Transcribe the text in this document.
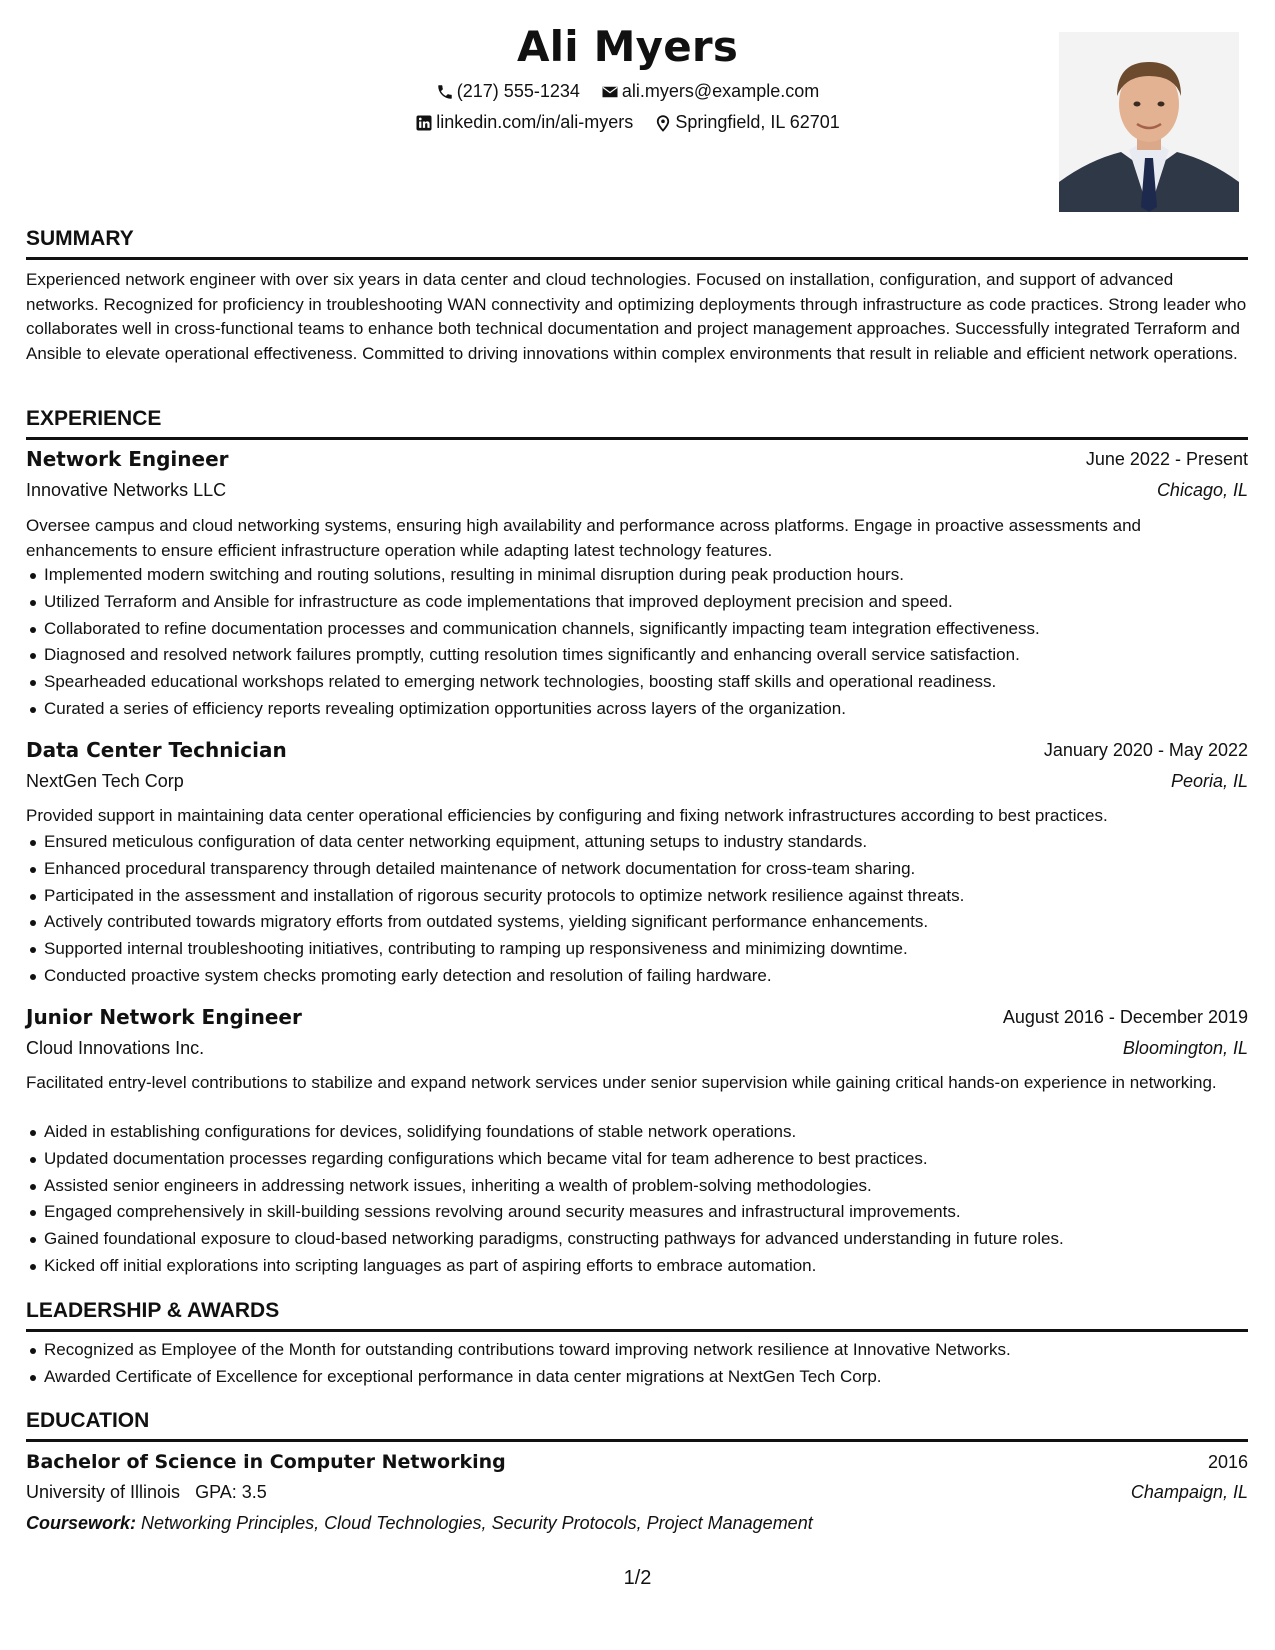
Ali Myers
(217) 555-1234
ali.myers@example.com
linkedin.com/in/ali-myers
Springfield, IL 62701
SUMMARY
Experienced network engineer with over six years in data center and cloud technologies. Focused on installation, configuration, and support of advanced networks. Recognized for proficiency in troubleshooting WAN connectivity and optimizing deployments through infrastructure as code practices. Strong leader who collaborates well in cross-functional teams to enhance both technical documentation and project management approaches. Successfully integrated Terraform and Ansible to elevate operational effectiveness. Committed to driving innovations within complex environments that result in reliable and efficient network operations.
EXPERIENCE
Network Engineer	June 2022 - Present
Innovative Networks LLC	Chicago, IL
Oversee campus and cloud networking systems, ensuring high availability and performance across platforms. Engage in proactive assessments and enhancements to ensure efficient infrastructure operation while adapting latest technology features.
Implemented modern switching and routing solutions, resulting in minimal disruption during peak production hours.
Utilized Terraform and Ansible for infrastructure as code implementations that improved deployment precision and speed.
Collaborated to refine documentation processes and communication channels, significantly impacting team integration effectiveness.
Diagnosed and resolved network failures promptly, cutting resolution times significantly and enhancing overall service satisfaction.
Spearheaded educational workshops related to emerging network technologies, boosting staff skills and operational readiness.
Curated a series of efficiency reports revealing optimization opportunities across layers of the organization.
Data Center Technician	January 2020 - May 2022
NextGen Tech Corp	Peoria, IL
Provided support in maintaining data center operational efficiencies by configuring and fixing network infrastructures according to best practices.
Ensured meticulous configuration of data center networking equipment, attuning setups to industry standards.
Enhanced procedural transparency through detailed maintenance of network documentation for cross-team sharing.
Participated in the assessment and installation of rigorous security protocols to optimize network resilience against threats.
Actively contributed towards migratory efforts from outdated systems, yielding significant performance enhancements.
Supported internal troubleshooting initiatives, contributing to ramping up responsiveness and minimizing downtime.
Conducted proactive system checks promoting early detection and resolution of failing hardware.
Junior Network Engineer	August 2016 - December 2019
Cloud Innovations Inc.	Bloomington, IL
Facilitated entry-level contributions to stabilize and expand network services under senior supervision while gaining critical hands-on experience in networking.
Aided in establishing configurations for devices, solidifying foundations of stable network operations.
Updated documentation processes regarding configurations which became vital for team adherence to best practices.
Assisted senior engineers in addressing network issues, inheriting a wealth of problem-solving methodologies.
Engaged comprehensively in skill-building sessions revolving around security measures and infrastructural improvements.
Gained foundational exposure to cloud-based networking paradigms, constructing pathways for advanced understanding in future roles.
Kicked off initial explorations into scripting languages as part of aspiring efforts to embrace automation.
LEADERSHIP & AWARDS
Recognized as Employee of the Month for outstanding contributions toward improving network resilience at Innovative Networks.
Awarded Certificate of Excellence for exceptional performance in data center migrations at NextGen Tech Corp.
EDUCATION
Bachelor of Science in Computer Networking	2016
University of Illinois GPA: 3.5	Champaign, IL
Coursework: Networking Principles, Cloud Technologies, Security Protocols, Project Management
1/2
